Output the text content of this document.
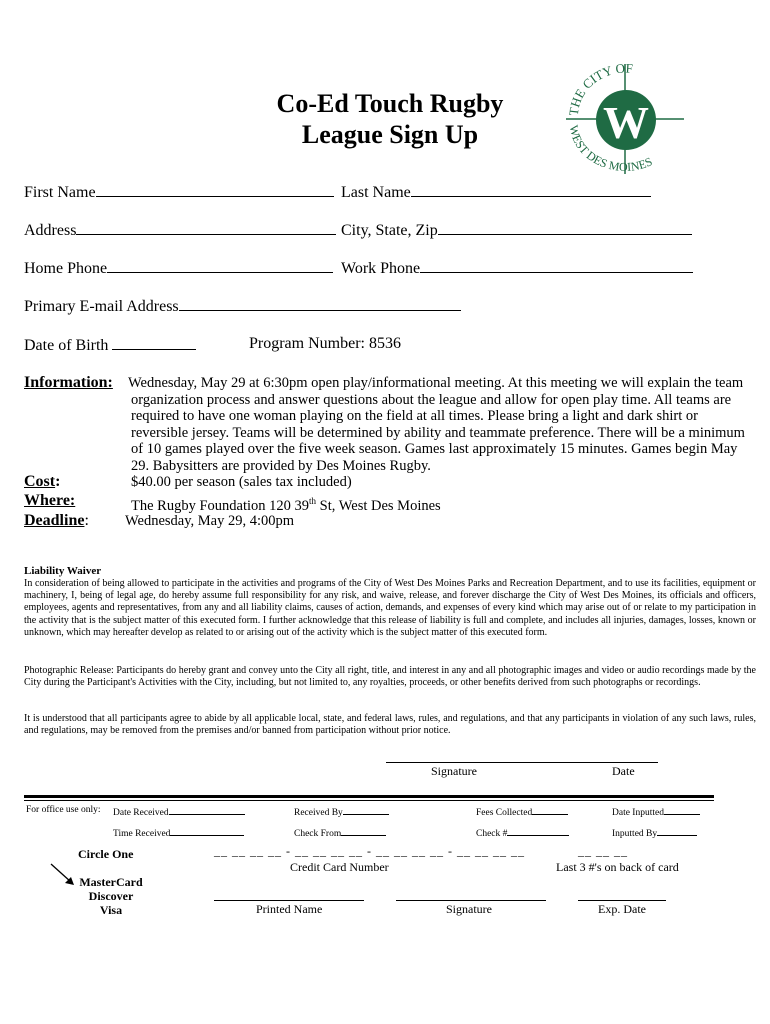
Co-Ed Touch Rugby
League Sign Up	W
THE CITY OF
WEST DES MOINES
First Name	Last Name
Address	City, State, Zip
Home Phone	Work Phone
Primary E-mail Address
Date of Birth	Program Number: 8536
Information: Wednesday, May 29 at 6:30pm open play/informational meeting. At this meeting we will explain the team organization process and answer questions about the league and allow for open play time. All teams are required to have one woman playing on the field at all times. Please bring a light and dark shirt or reversible jersey. Teams will be determined by ability and teammate preference. There will be a minimum of 10 games played over the five week season. Games last approximately 15 minutes. Games begin May 29. Babysitters are provided by Des Moines Rugby.
Cost:	$40.00 per season (sales tax included)
Where:	The Rugby Foundation 120 39th St, West Des Moines
Deadline: Wednesday, May 29, 4:00pm
Liability Waiver
In consideration of being allowed to participate in the activities and programs of the City of West Des Moines Parks and Recreation Department, and to use its facilities, equipment or machinery, I, being of legal age, do hereby assume full responsibility for any risk, and waive, release, and forever discharge the City of West Des Moines, its officials and officers, employees, agents and representatives, from any and all liability claims, causes of action, demands, and expenses of every kind which may arise out of or relate to my participation in the activity that is the subject matter of this executed form. I further acknowledge that this release of liability is full and complete, and includes all injuries, damages, losses, known or unknown, which may hereafter develop as related to or arising out of the activity which is the subject matter of this executed form.
Photographic Release: Participants do hereby grant and convey unto the City all right, title, and interest in any and all photographic images and video or audio recordings made by the City during the Participant's Activities with the City, including, but not limited to, any royalties, proceeds, or other benefits derived from such photographs or recordings.
It is understood that all participants agree to abide by all applicable local, state, and federal laws, rules, and regulations, and that any participants in violation of any such laws, rules, and regulations, may be removed from the premises and/or banned from participation without prior notice.
Signature	Date
For office use only: Date Received	Received By	Fees Collected	Date Inputted
Time Received	Check From	Check #	Inputted By
Circle One
MasterCard
Discover
Visa
__ __ __ __ - __ __ __ __ - __ __ __ __ - __ __ __ __
Credit Card Number
__ __ __
Last 3 #'s on back of card
Printed Name	Signature	Exp. Date
